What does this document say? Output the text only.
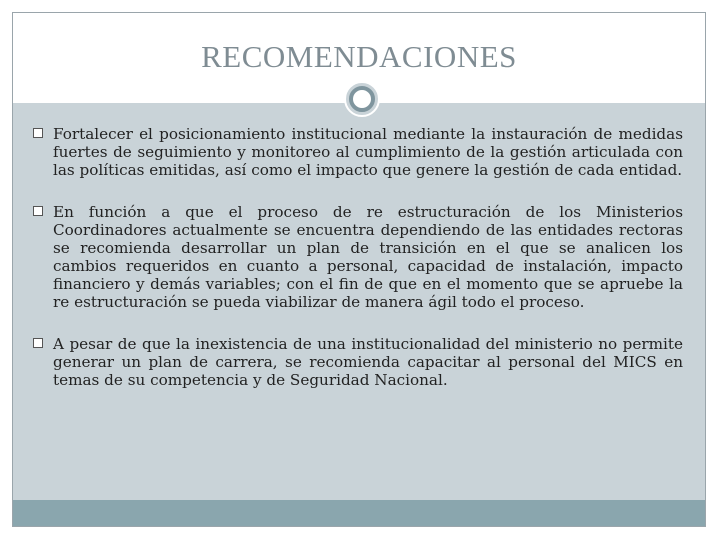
RECOMENDACIONES
Fortalecer el posicionamiento institucional mediante la instauración de medidas fuertes de seguimiento y monitoreo al cumplimiento de la gestión articulada con las políticas emitidas, así como el impacto que genere la gestión de cada entidad.
En función a que el proceso de re estructuración de los Ministerios Coordinadores actualmente se encuentra dependiendo de las entidades rectoras se recomienda desarrollar un plan de transición en el que se analicen los cambios requeridos en cuanto a personal, capacidad de instalación, impacto financiero y demás variables; con el fin de que en el momento que se apruebe la re estructuración se pueda viabilizar de manera ágil todo el proceso.
A pesar de que la inexistencia de una institucionalidad del ministerio no permite generar un plan de carrera, se recomienda capacitar al personal del MICS en temas de su competencia y de Seguridad Nacional.
